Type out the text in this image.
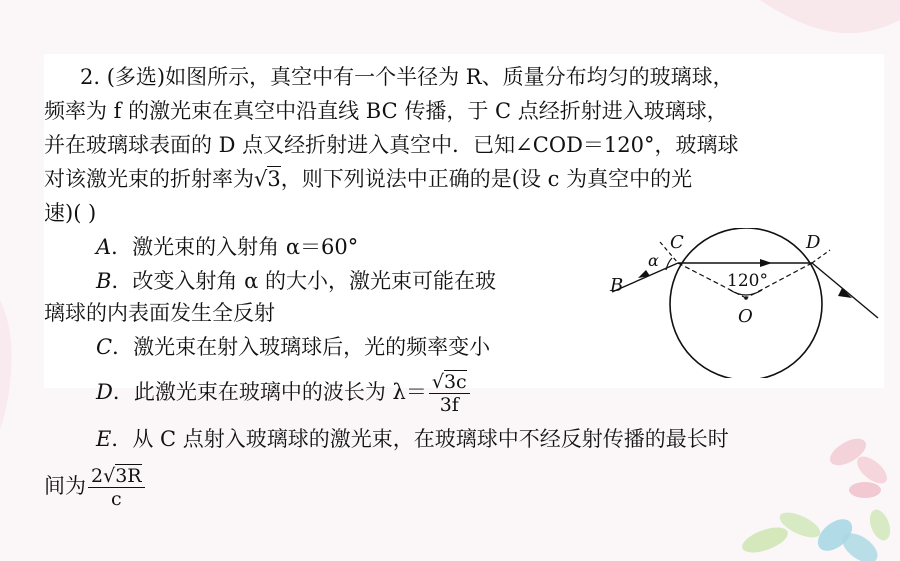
2. (多选)如图所示，真空中有一个半径为 R、质量分布均匀的玻璃球，
频率为 f 的激光束在真空中沿直线 BC 传播，于 C 点经折射进入玻璃球，
并在玻璃球表面的 D 点又经折射进入真空中．已知∠COD＝120°，玻璃球
对该激光束的折射率为√3，则下列说法中正确的是(设 c 为真空中的光
速)( )
A．激光束的入射角 α＝60°
B．改变入射角 α 的大小，激光束可能在玻
璃球的内表面发生全反射
C．激光束在射入玻璃球后，光的频率变小
D．此激光束在玻璃中的波长为 $\lambda= \frac{√3c}{3f}$
E．从 C 点射入玻璃球的激光束，在玻璃球中不经反射传播的最长时
间为 $\frac{2√3R}{c}$
C	D
B
O
α
120°
